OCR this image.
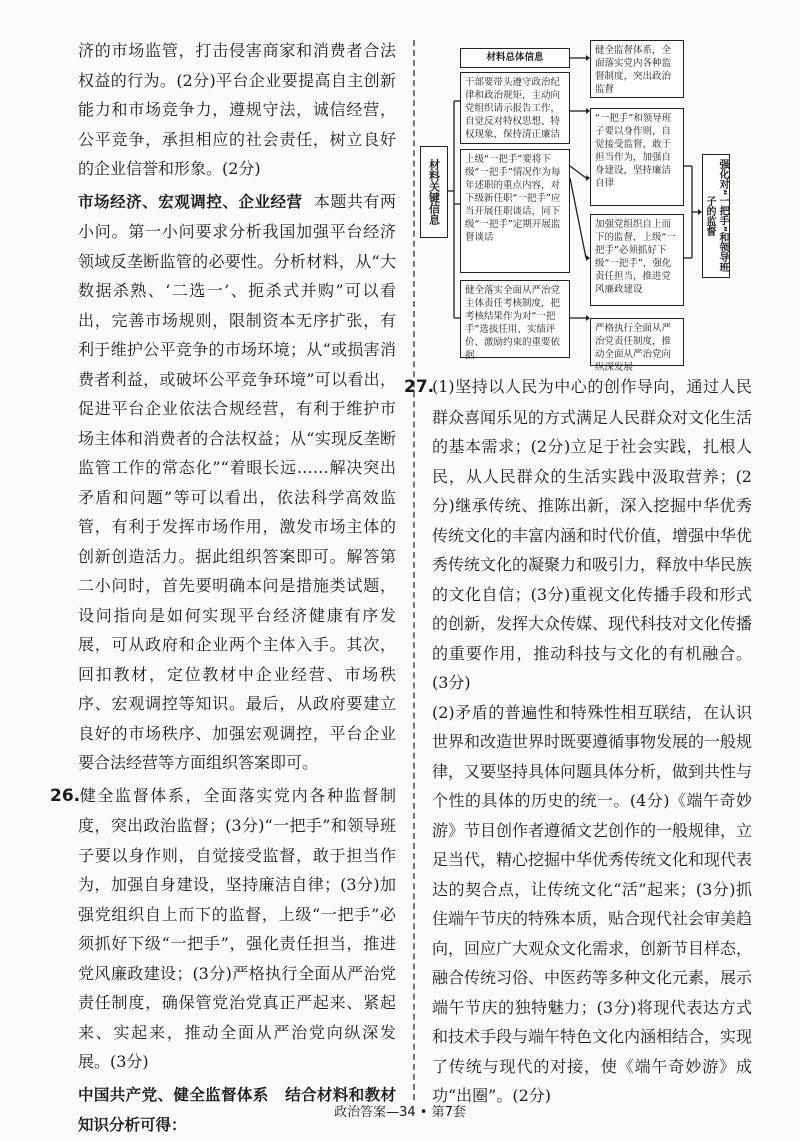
济的市场监管，打击侵害商家和消费者合法权益的行为。(2分)平台企业要提高自主创新能力和市场竞争力，遵规守法，诚信经营，公平竞争，承担相应的社会责任，树立良好的企业信誉和形象。(2分)

市场经济、宏观调控、企业经营 本题共有两小问。第一小问要求分析我国加强平台经济领域反垄断监管的必要性。分析材料，从“大数据杀熟、‘二选一’、扼杀式并购”可以看出，完善市场规则，限制资本无序扩张，有利于维护公平竞争的市场环境；从“或损害消费者利益，或破坏公平竞争环境”可以看出，促进平台企业依法合规经营，有利于维护市场主体和消费者的合法权益；从“实现反垄断监管工作的常态化”“着眼长远……解决突出矛盾和问题”等可以看出，依法科学高效监管，有利于发挥市场作用，激发市场主体的创新创造活力。据此组织答案即可。解答第二小问时，首先要明确本问是措施类试题，设问指向是如何实现平台经济健康有序发展，可从政府和企业两个主体入手。其次，回扣教材，定位教材中企业经营、市场秩序、宏观调控等知识。最后，从政府要建立良好的市场秩序、加强宏观调控，平台企业要合法经营等方面组织答案即可。

26.健全监督体系，全面落实党内各种监督制度，突出政治监督；(3分)“一把手”和领导班子要以身作则，自觉接受监督，敢于担当作为，加强自身建设，坚持廉洁自律；(3分)加强党组织自上而下的监督，上级“一把手”必须抓好下级“一把手”，强化责任担当，推进党风廉政建设；(3分)严格执行全面从严治党责任制度，确保管党治党真正严起来、紧起来、实起来，推动全面从严治党向纵深发展。(3分)

中国共产党、健全监督体系 结合材料和教材知识分析可得：

材料关键信息
材料总体信息
干部要带头遵守政治纪律和政治规矩，主动向党组织请示报告工作，自觉反对特权思想、特权现象，保持清正廉洁
上级“一把手”要将下级“一把手”情况作为每年述职的重点内容，对下级新任职“一把手”应当开展任职谈话，同下级“一把手”定期开展监督谈话
健全落实全面从严治党主体责任考核制度，把考核结果作为对“一把手”选拔任用、实绩评价、激励约束的重要依据
健全监督体系，全面落实党内各种监督制度，突出政治监督
“一把手”和领导班子要以身作则，自觉接受监督，敢于担当作为，加强自身建设，坚持廉洁自律
加强党组织自上而下的监督，上级“一把手”必须抓好下级“一把手”，强化责任担当，推进党风廉政建设
严格执行全面从严治党责任制度，推动全面从严治党向纵深发展
强化对“一把手”和领导班子的监督

27.(1)坚持以人民为中心的创作导向，通过人民群众喜闻乐见的方式满足人民群众对文化生活的基本需求；(2分)立足于社会实践，扎根人民，从人民群众的生活实践中汲取营养；(2分)继承传统、推陈出新，深入挖掘中华优秀传统文化的丰富内涵和时代价值，增强中华优秀传统文化的凝聚力和吸引力，释放中华民族的文化自信；(3分)重视文化传播手段和形式的创新，发挥大众传媒、现代科技对文化传播的重要作用，推动科技与文化的有机融合。(3分)

(2)矛盾的普遍性和特殊性相互联结，在认识世界和改造世界时既要遵循事物发展的一般规律，又要坚持具体问题具体分析，做到共性与个性的具体的历史的统一。(4分)《端午奇妙游》节目创作者遵循文艺创作的一般规律，立足当代，精心挖掘中华优秀传统文化和现代表达的契合点，让传统文化“活”起来；(3分)抓住端午节庆的特殊本质，贴合现代社会审美趋向，回应广大观众文化需求，创新节目样态，融合传统习俗、中医药等多种文化元素，展示端午节庆的独特魅力；(3分)将现代表达方式和技术手段与端午特色文化内涵相结合，实现了传统与现代的对接，使《端午奇妙游》成功“出圈”。(2分)

政治答案—34 • 第7套
